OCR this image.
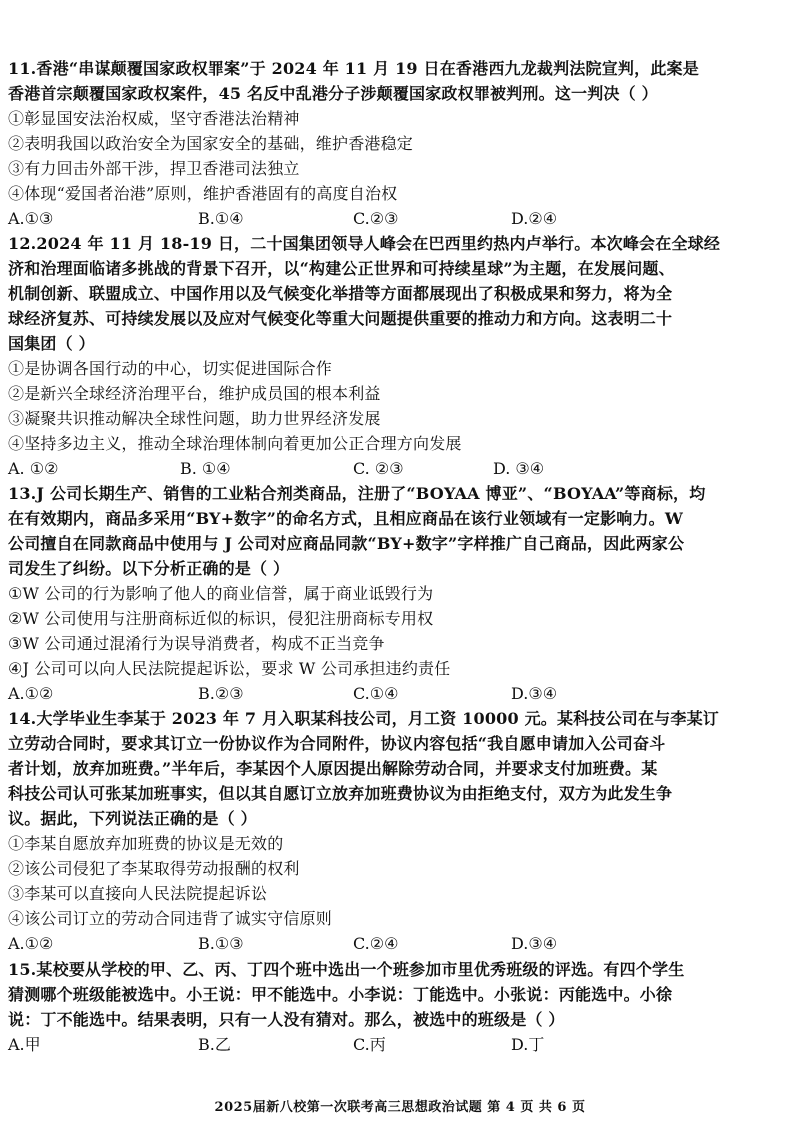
11.香港“串谋颠覆国家政权罪案”于 2024 年 11 月 19 日在香港西九龙裁判法院宣判，此案是
香港首宗颠覆国家政权案件，45 名反中乱港分子涉颠覆国家政权罪被判刑。这一判决（ ）
①彰显国安法治权威，坚守香港法治精神
②表明我国以政治安全为国家安全的基础，维护香港稳定
③有力回击外部干涉，捍卫香港司法独立
④体现“爱国者治港”原则，维护香港固有的高度自治权
A.①③	B.①④	C.②③	D.②④
12.2024 年 11 月 18-19 日，二十国集团领导人峰会在巴西里约热内卢举行。本次峰会在全球经
济和治理面临诸多挑战的背景下召开，以“构建公正世界和可持续星球”为主题，在发展问题、
机制创新、联盟成立、中国作用以及气候变化举措等方面都展现出了积极成果和努力，将为全
球经济复苏、可持续发展以及应对气候变化等重大问题提供重要的推动力和方向。这表明二十
国集团（ ）
①是协调各国行动的中心，切实促进国际合作
②是新兴全球经济治理平台，维护成员国的根本利益
③凝聚共识推动解决全球性问题，助力世界经济发展
④坚持多边主义，推动全球治理体制向着更加公正合理方向发展
A. ①②	B. ①④	C. ②③	D. ③④
13.J 公司长期生产、销售的工业粘合剂类商品，注册了“BOYAA 博亚”、“BOYAA”等商标，均
在有效期内，商品多采用“BY+数字”的命名方式，且相应商品在该行业领域有一定影响力。W
公司擅自在同款商品中使用与 J 公司对应商品同款“BY+数字”字样推广自己商品，因此两家公
司发生了纠纷。以下分析正确的是（ ）
①W 公司的行为影响了他人的商业信誉，属于商业诋毁行为
②W 公司使用与注册商标近似的标识，侵犯注册商标专用权
③W 公司通过混淆行为误导消费者，构成不正当竞争
④J 公司可以向人民法院提起诉讼，要求 W 公司承担违约责任
A.①②	B.②③	C.①④	D.③④
14.大学毕业生李某于 2023 年 7 月入职某科技公司，月工资 10000 元。某科技公司在与李某订
立劳动合同时，要求其订立一份协议作为合同附件，协议内容包括“我自愿申请加入公司奋斗
者计划，放弃加班费。”半年后，李某因个人原因提出解除劳动合同，并要求支付加班费。某
科技公司认可张某加班事实，但以其自愿订立放弃加班费协议为由拒绝支付，双方为此发生争
议。据此，下列说法正确的是（ ）
①李某自愿放弃加班费的协议是无效的
②该公司侵犯了李某取得劳动报酬的权利
③李某可以直接向人民法院提起诉讼
④该公司订立的劳动合同违背了诚实守信原则
A.①②	B.①③	C.②④	D.③④
15.某校要从学校的甲、乙、丙、丁四个班中选出一个班参加市里优秀班级的评选。有四个学生
猜测哪个班级能被选中。小王说：甲不能选中。小李说：丁能选中。小张说：丙能选中。小徐
说：丁不能选中。结果表明，只有一人没有猜对。那么，被选中的班级是（ ）
A.甲	B.乙	C.丙	D.丁
2025届新八校第一次联考高三思想政治试题 第 4 页 共 6 页
